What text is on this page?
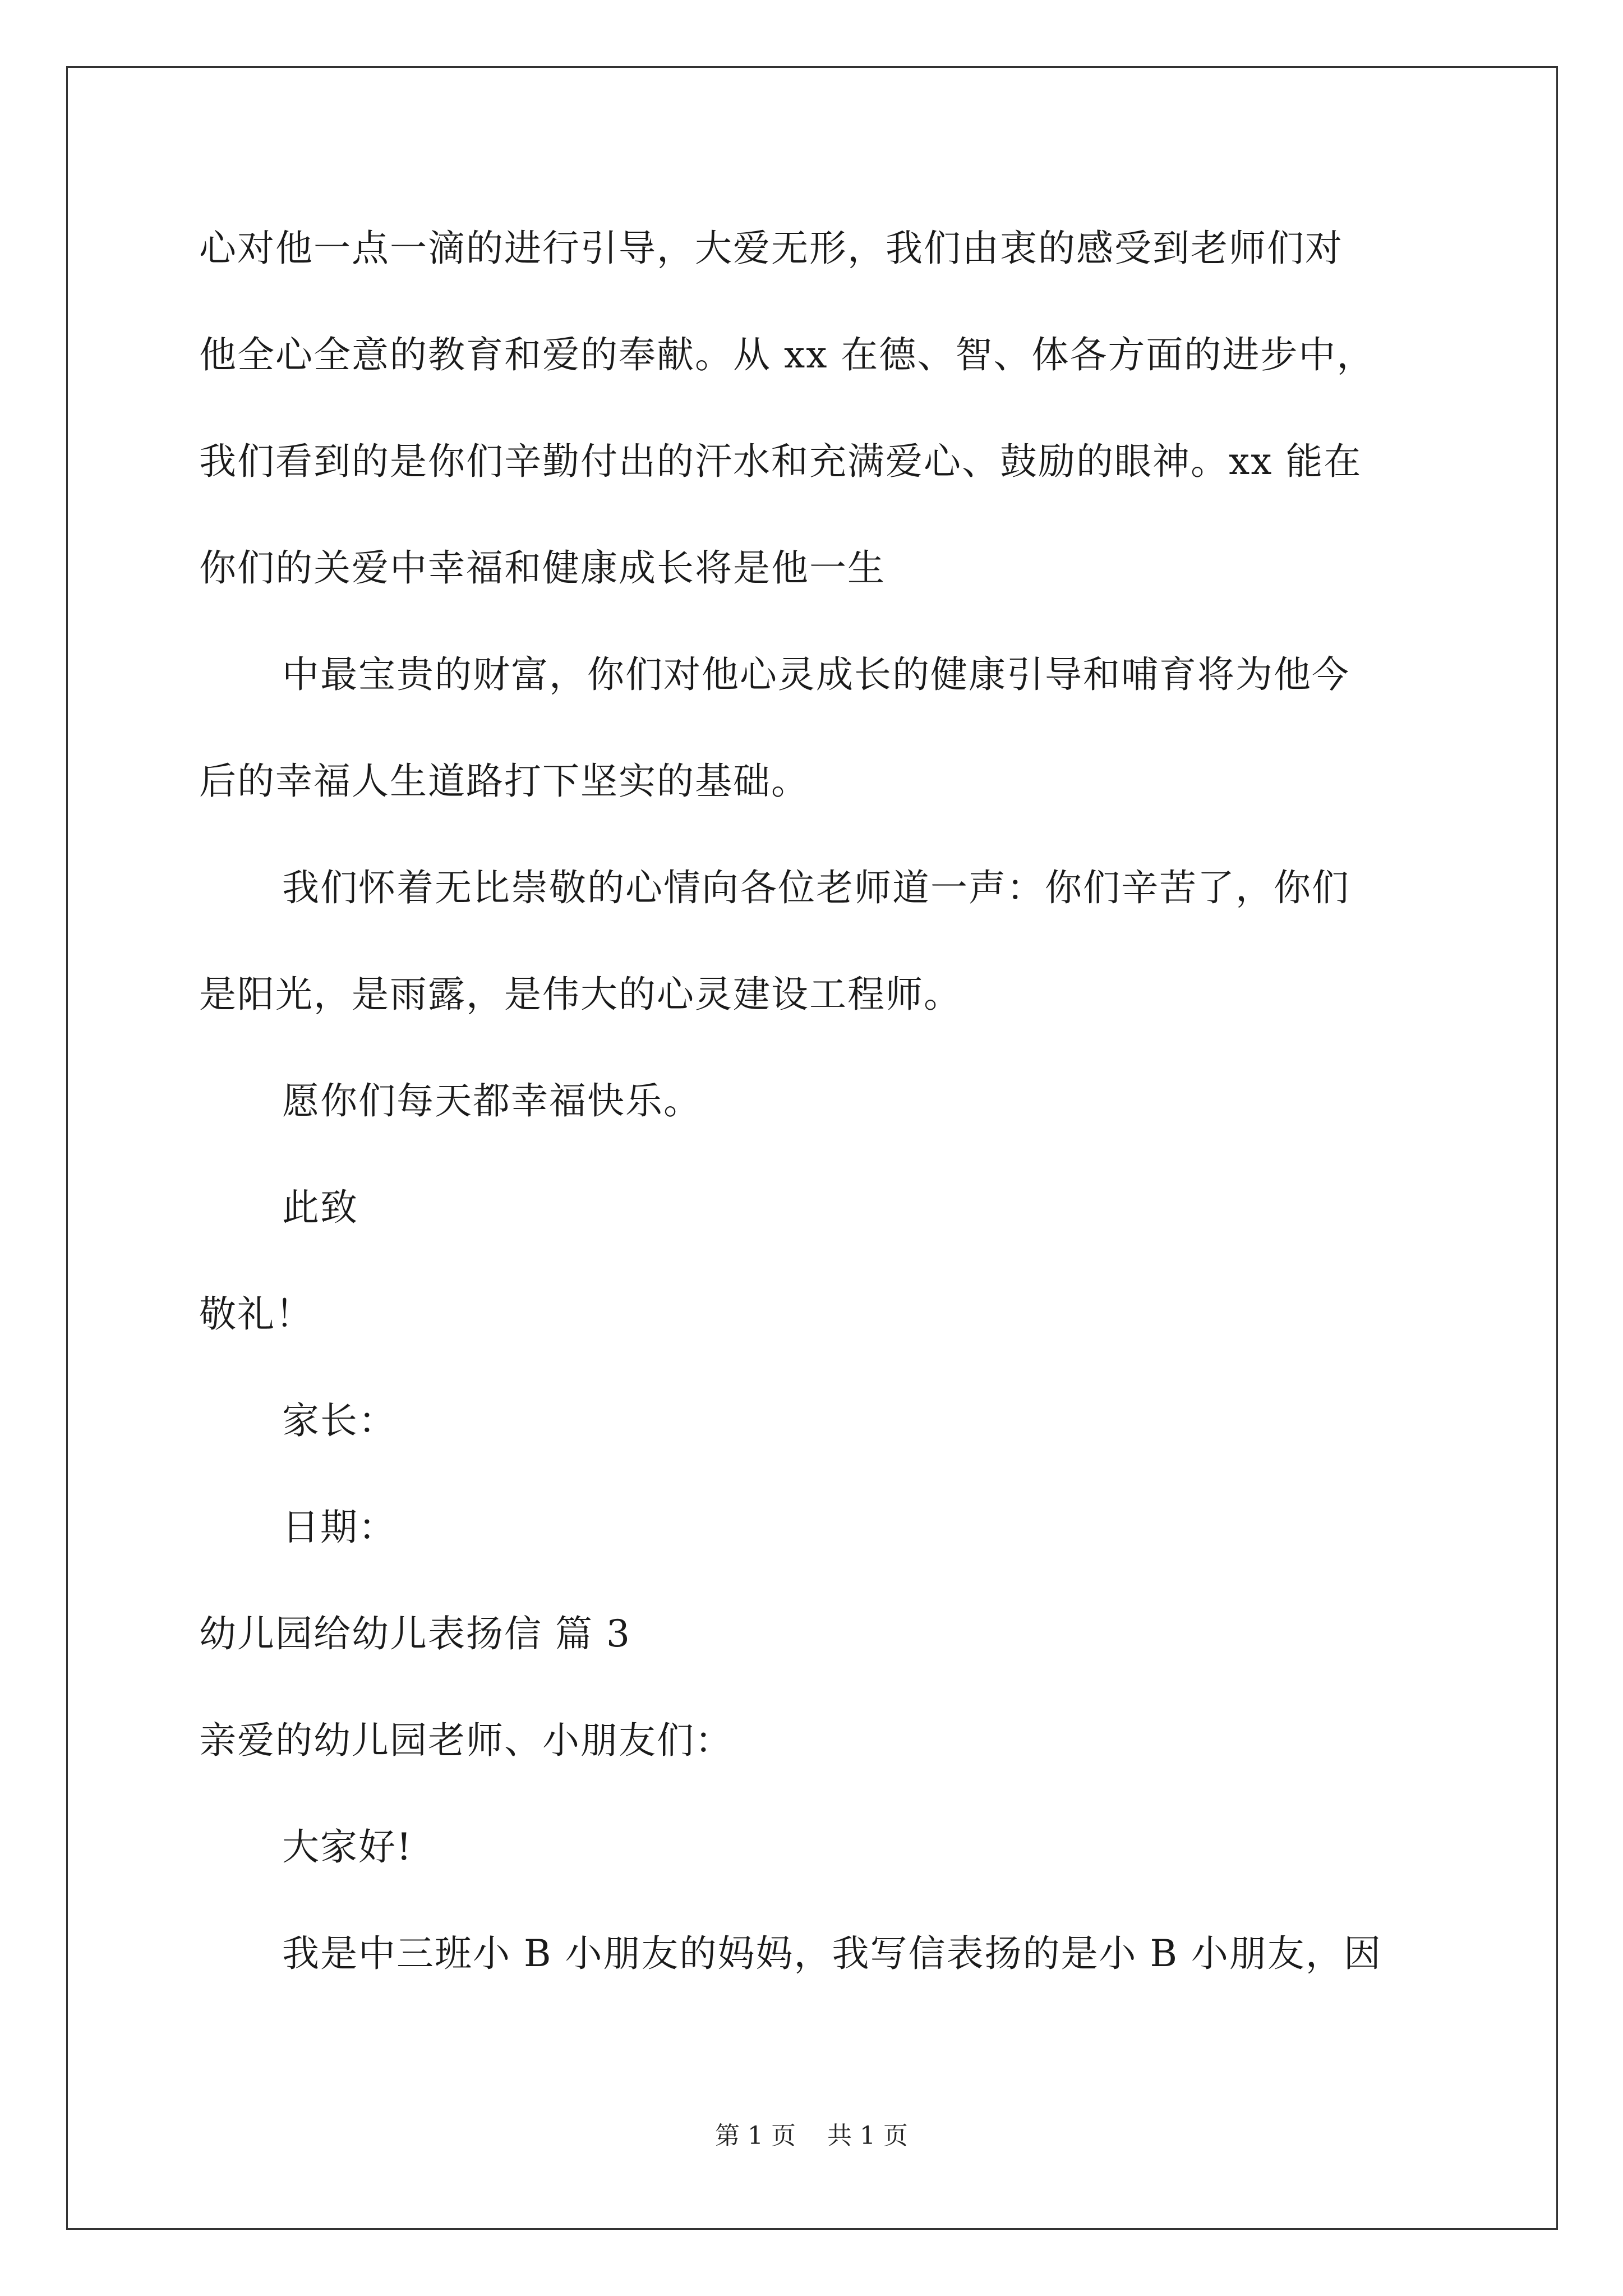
心对他一点一滴的进行引导，大爱无形，我们由衷的感受到老师们对
他全心全意的教育和爱的奉献。从 xx 在德、智、体各方面的进步中，
我们看到的是你们辛勤付出的汗水和充满爱心、鼓励的眼神。xx 能在
你们的关爱中幸福和健康成长将是他一生
中最宝贵的财富，你们对他心灵成长的健康引导和哺育将为他今
后的幸福人生道路打下坚实的基础。
我们怀着无比崇敬的心情向各位老师道一声：你们辛苦了，你们
是阳光，是雨露，是伟大的心灵建设工程师。
愿你们每天都幸福快乐。
此致
敬礼！
家长：
日期：
幼儿园给幼儿表扬信 篇 3
亲爱的幼儿园老师、小朋友们：
大家好!
我是中三班小 B 小朋友的妈妈，我写信表扬的是小 B 小朋友，因
第 1 页    共 1 页
